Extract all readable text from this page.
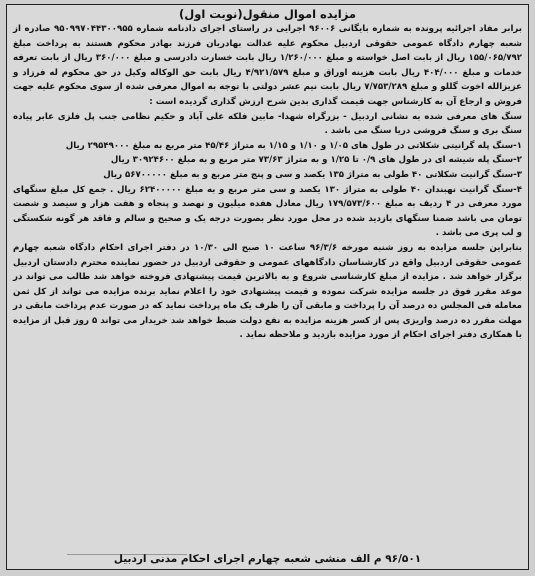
مزایده اموال منقول(نوبت اول)

برابر مفاد اجرائیه پرونده به شماره بایگانی ۹۶۰۰۶ اجرایی در راستای اجرای دادنامه شماره ۹۵۰۹۹۷۰۴۴۳۰۰۹۵۵ صادره از شعبه چهارم دادگاه عمومی حقوقی اردبیل محکوم علیه عدالت بهادریان فرزند بهادر محکوم هستند به پرداخت مبلغ ۱۵۵/۰۶۵/۷۹۲ ریال از بابت اصل خواسته و مبلغ ۱/۲۶۰/۰۰۰ ریال بابت خسارت دادرسی و مبلغ ۳۶۰/۰۰۰ ریال از بابت تعرفه خدمات و مبلغ ۴۰۴/۰۰۰ ریال بابت هزینه اوراق و مبلغ ۴/۹۲۱/۵۷۹ ریال بابت حق الوکاله وکیل در حق محکوم له فرزاد و عزیزالله اخوت گللو و مبلغ ۷/۷۵۳/۲۸۹ ریال بابت نیم عشر دولتی با توجه به اموال معرفی شده از سوی محکوم علیه جهت فروش و ارجاع آن به کارشناس جهت قیمت گذاری بدین شرح ارزش گذاری گردیده است :

سنگ های معرفی شده به نشانی اردبیل - بزرگراه شهدا- مابین فلکه علی آباد و حکیم نظامی جنب پل فلزی عابر پیاده سنگ بری و سنگ فروشی دریا سنگ می باشد .

۱-سنگ پله گرانیتی شکلاتی در طول های ۱/۰۵ و ۱/۱۰ و ۱/۱۵ به متراژ ۴۵/۴۶ متر مربع به مبلغ ۲۹۵۴۹۰۰۰ ریال

۲-سنگ پله شیشه ای در طول های ۰/۹ تا ۱/۲۵ و به متراژ ۷۳/۶۳ متر مربع و به مبلغ ۳۰۹۲۴۶۰۰ ریال

۳-سنگ گرانیت شکلاتی ۴۰ طولی به متراژ ۱۳۵ یکصد و سی و پنج متر مربع و به مبلغ ۵۶۷۰۰۰۰۰ ریال

۴-سنگ گرانیت نهبندان ۴۰ طولی به متراژ ۱۳۰ یکصد و سی متر مربع و به مبلغ ۶۲۴۰۰۰۰۰ ریال . جمع کل مبلغ سنگهای مورد معرفی در ۴ ردیف به مبلغ ۱۷۹/۵۷۳/۶۰۰ ریال معادل هفده میلیون و نهصد و پنجاه و هفت هزار و سیصد و شصت تومان می باشد ضمنا سنگهای بازدید شده در محل مورد نظر بصورت درجه یک و صحیح و سالم و فاقد هر گونه شکستگی و لب پری می باشد .

بنابراین جلسه مزایده به روز شنبه مورخه ۹۶/۳/۶ ساعت ۱۰ صبح الی ۱۰/۳۰ در دفتر اجرای احکام دادگاه شعبه چهارم عمومی حقوقی اردبیل واقع در کارشناسان دادگاههای عمومی و حقوقی اردبیل در حضور نماینده محترم دادستان اردبیل برگزار خواهد شد . مزایده از مبلغ کارشناسی شروع و به بالاترین قیمت پیشنهادی فروخته خواهد شد طالب می تواند در موعد مقرر فوق در جلسه مزایده شرکت نموده و قیمت پیشنهادی خود را اعلام نماید برنده مزایده می تواند از کل ثمن معامله فی المجلس ده درصد آن را پرداخت و مابقی آن را ظرف یک ماه پرداخت نماید که در صورت عدم پرداخت مابقی در مهلت مقرر ده درصد واریزی پس از کسر هزینه مزایده به نفع دولت ضبط خواهد شد خریدار می تواند ۵ روز قبل از مزایده با همکاری دفتر اجرای احکام از مورد مزایده بازدید و ملاحظه نماید .

۹۶/۵۰۱ م الف منشی شعبه چهارم اجرای احکام مدنی اردبیل
